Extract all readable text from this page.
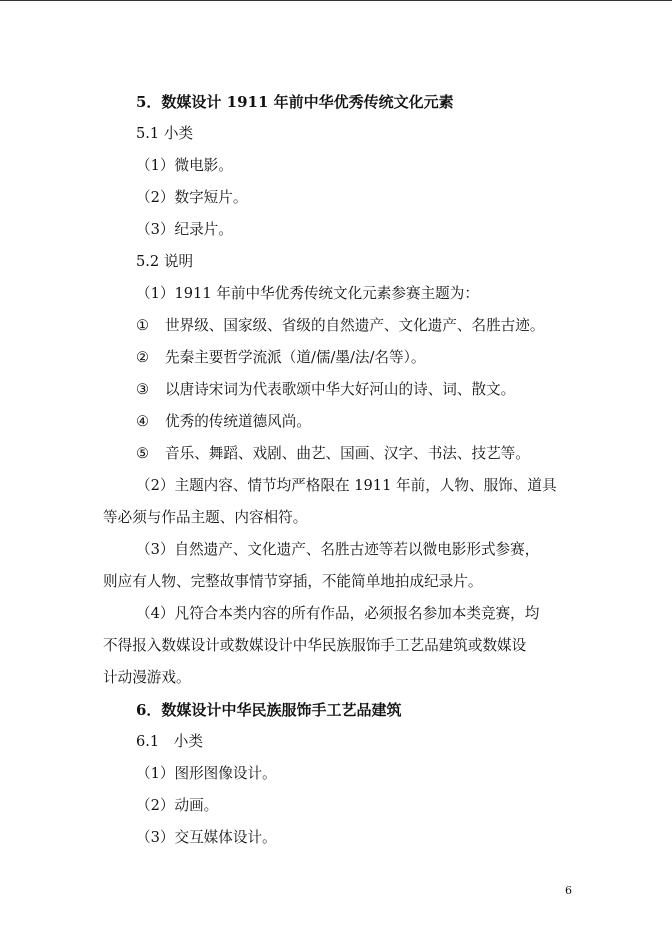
5．数媒设计 1911 年前中华优秀传统文化元素
5.1 小类
（1）微电影。
（2）数字短片。
（3）纪录片。
5.2 说明
（1）1911 年前中华优秀传统文化元素参赛主题为：
① 世界级、国家级、省级的自然遗产、文化遗产、名胜古迹。
② 先秦主要哲学流派（道/儒/墨/法/名等）。
③ 以唐诗宋词为代表歌颂中华大好河山的诗、词、散文。
④ 优秀的传统道德风尚。
⑤ 音乐、舞蹈、戏剧、曲艺、国画、汉字、书法、技艺等。
（2）主题内容、情节均严格限在 1911 年前，人物、服饰、道具
等必须与作品主题、内容相符。
（3）自然遗产、文化遗产、名胜古迹等若以微电影形式参赛，
则应有人物、完整故事情节穿插，不能简单地拍成纪录片。
（4）凡符合本类内容的所有作品，必须报名参加本类竞赛，均
不得报入数媒设计或数媒设计中华民族服饰手工艺品建筑或数媒设
计动漫游戏。
6．数媒设计中华民族服饰手工艺品建筑
6.1　小类
（1）图形图像设计。
（2）动画。
（3）交互媒体设计。
6
